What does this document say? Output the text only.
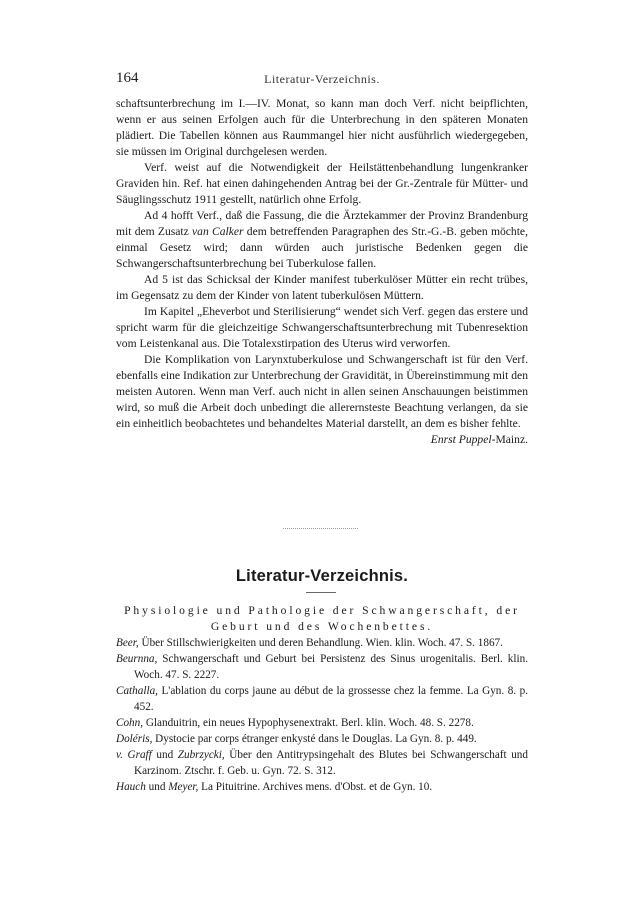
164	Literatur-Verzeichnis.

schaftsunterbrechung im I.—IV. Monat, so kann man doch Verf. nicht beipflichten, wenn er aus seinen Erfolgen auch für die Unterbrechung in den späteren Monaten plädiert. Die Tabellen können aus Raummangel hier nicht ausführlich wiedergegeben, sie müssen im Original durchgelesen werden.

Verf. weist auf die Notwendigkeit der Heilstättenbehandlung lungenkranker Graviden hin. Ref. hat einen dahingehenden Antrag bei der Gr.-Zentrale für Mütter- und Säuglingsschutz 1911 gestellt, natürlich ohne Erfolg.

Ad 4 hofft Verf., daß die Fassung, die die Ärztekammer der Provinz Brandenburg mit dem Zusatz van Calker dem betreffenden Paragraphen des Str.-G.-B. geben möchte, einmal Gesetz wird; dann würden auch juristische Bedenken gegen die Schwangerschaftsunterbrechung bei Tuberkulose fallen.

Ad 5 ist das Schicksal der Kinder manifest tuberkulöser Mütter ein recht trübes, im Gegensatz zu dem der Kinder von latent tuberkulösen Müttern.

Im Kapitel „Eheverbot und Sterilisierung“ wendet sich Verf. gegen das erstere und spricht warm für die gleichzeitige Schwangerschaftsunterbrechung mit Tubenresektion vom Leistenkanal aus. Die Totalexstirpation des Uterus wird verworfen.

Die Komplikation von Larynxtuberkulose und Schwangerschaft ist für den Verf. ebenfalls eine Indikation zur Unterbrechung der Gravidität, in Übereinstimmung mit den meisten Autoren. Wenn man Verf. auch nicht in allen seinen Anschauungen beistimmen wird, so muß die Arbeit doch unbedingt die allerernsteste Beachtung verlangen, da sie ein einheitlich beobachtetes und behandeltes Material darstellt, an dem es bisher fehlte.

Enrst Puppel-Mainz.

Literatur-Verzeichnis.
Physiologie und Pathologie der Schwangerschaft, der Geburt und des Wochenbettes.

Beer, Über Stillschwierigkeiten und deren Behandlung. Wien. klin. Woch. 47. S. 1867.

Beurnna, Schwangerschaft und Geburt bei Persistenz des Sinus urogenitalis. Berl. klin. Woch. 47. S. 2227.

Cathalla, L'ablation du corps jaune au début de la grossesse chez la femme. La Gyn. 8. p. 452.

Cohn, Glanduitrin, ein neues Hypophysenextrakt. Berl. klin. Woch. 48. S. 2278.

Doléris, Dystocie par corps étranger enkysté dans le Douglas. La Gyn. 8. p. 449.

v. Graff und Zubrzycki, Über den Antitrypsingehalt des Blutes bei Schwangerschaft und Karzinom. Ztschr. f. Geb. u. Gyn. 72. S. 312.

Hauch und Meyer, La Pituitrine. Archives mens. d'Obst. et de Gyn. 10.
